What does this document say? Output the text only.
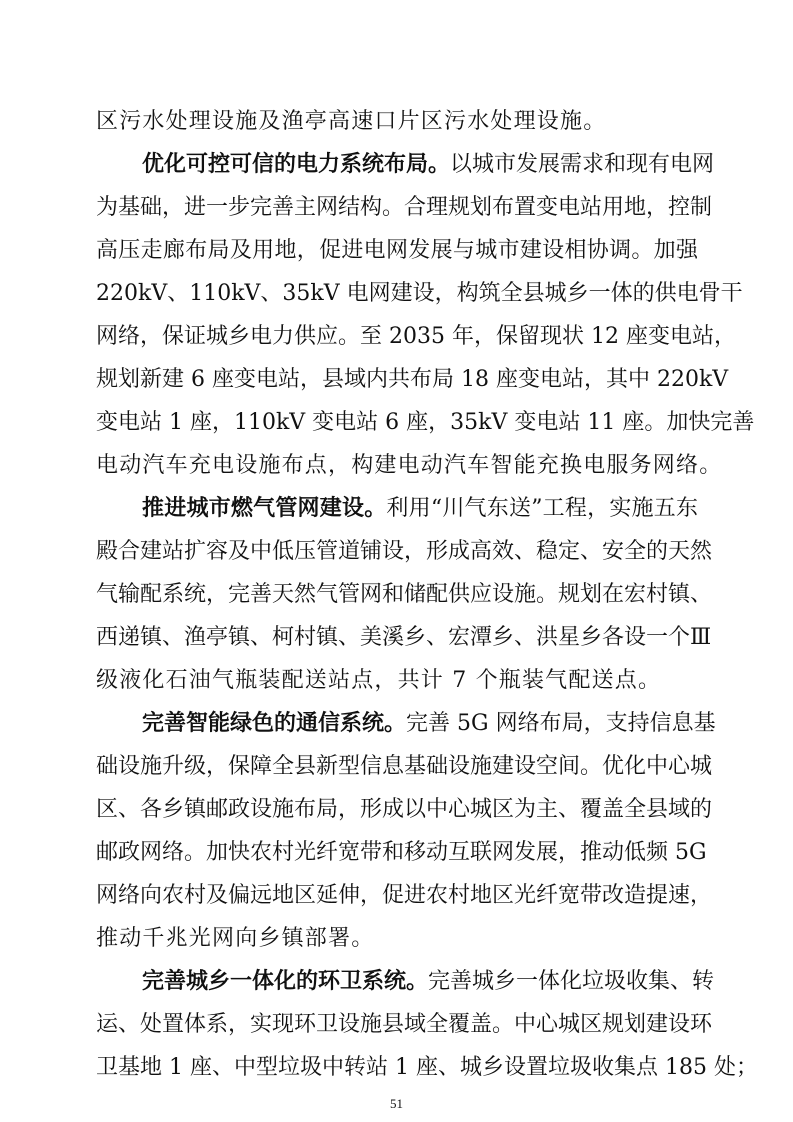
区污水处理设施及渔亭高速口片区污水处理设施。
优化可控可信的电力系统布局。以城市发展需求和现有电网
为基础，进一步完善主网结构。合理规划布置变电站用地，控制
高压走廊布局及用地，促进电网发展与城市建设相协调。加强
220kV、110kV、35kV 电网建设，构筑全县城乡一体的供电骨干
网络，保证城乡电力供应。至 2035 年，保留现状 12 座变电站，
规划新建 6 座变电站，县域内共布局 18 座变电站，其中 220kV
变电站 1 座，110kV 变电站 6 座，35kV 变电站 11 座。加快完善
电动汽车充电设施布点，构建电动汽车智能充换电服务网络。
推进城市燃气管网建设。利用“川气东送”工程，实施五东
殿合建站扩容及中低压管道铺设，形成高效、稳定、安全的天然
气输配系统，完善天然气管网和储配供应设施。规划在宏村镇、
西递镇、渔亭镇、柯村镇、美溪乡、宏潭乡、洪星乡各设一个Ⅲ
级液化石油气瓶装配送站点，共计 7 个瓶装气配送点。
完善智能绿色的通信系统。完善 5G 网络布局，支持信息基
础设施升级，保障全县新型信息基础设施建设空间。优化中心城
区、各乡镇邮政设施布局，形成以中心城区为主、覆盖全县域的
邮政网络。加快农村光纤宽带和移动互联网发展，推动低频 5G
网络向农村及偏远地区延伸，促进农村地区光纤宽带改造提速，
推动千兆光网向乡镇部署。
完善城乡一体化的环卫系统。完善城乡一体化垃圾收集、转
运、处置体系，实现环卫设施县域全覆盖。中心城区规划建设环
卫基地 1 座、中型垃圾中转站 1 座、城乡设置垃圾收集点 185 处；
51
